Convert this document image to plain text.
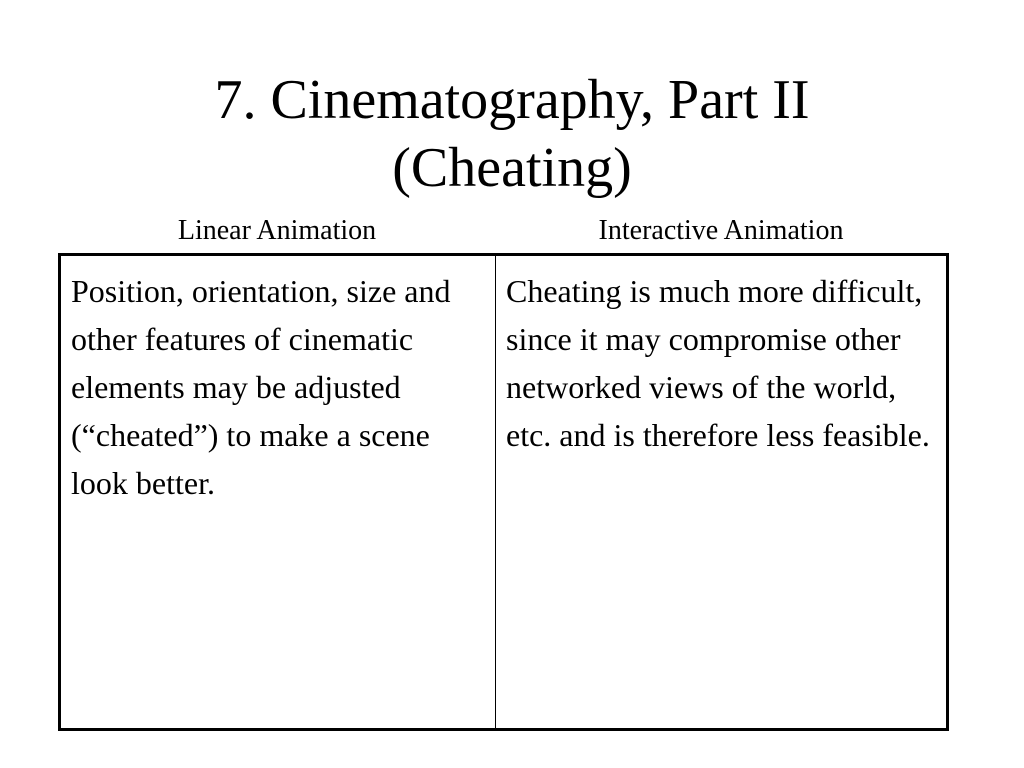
7. Cinematography, Part II
(Cheating)
Linear Animation	Interactive Animation
Position, orientation, size and other features of cinematic elements may be adjusted (“cheated”) to make a scene look better.
Cheating is much more difficult, since it may compromise other networked views of the world, etc. and is therefore less feasible.
